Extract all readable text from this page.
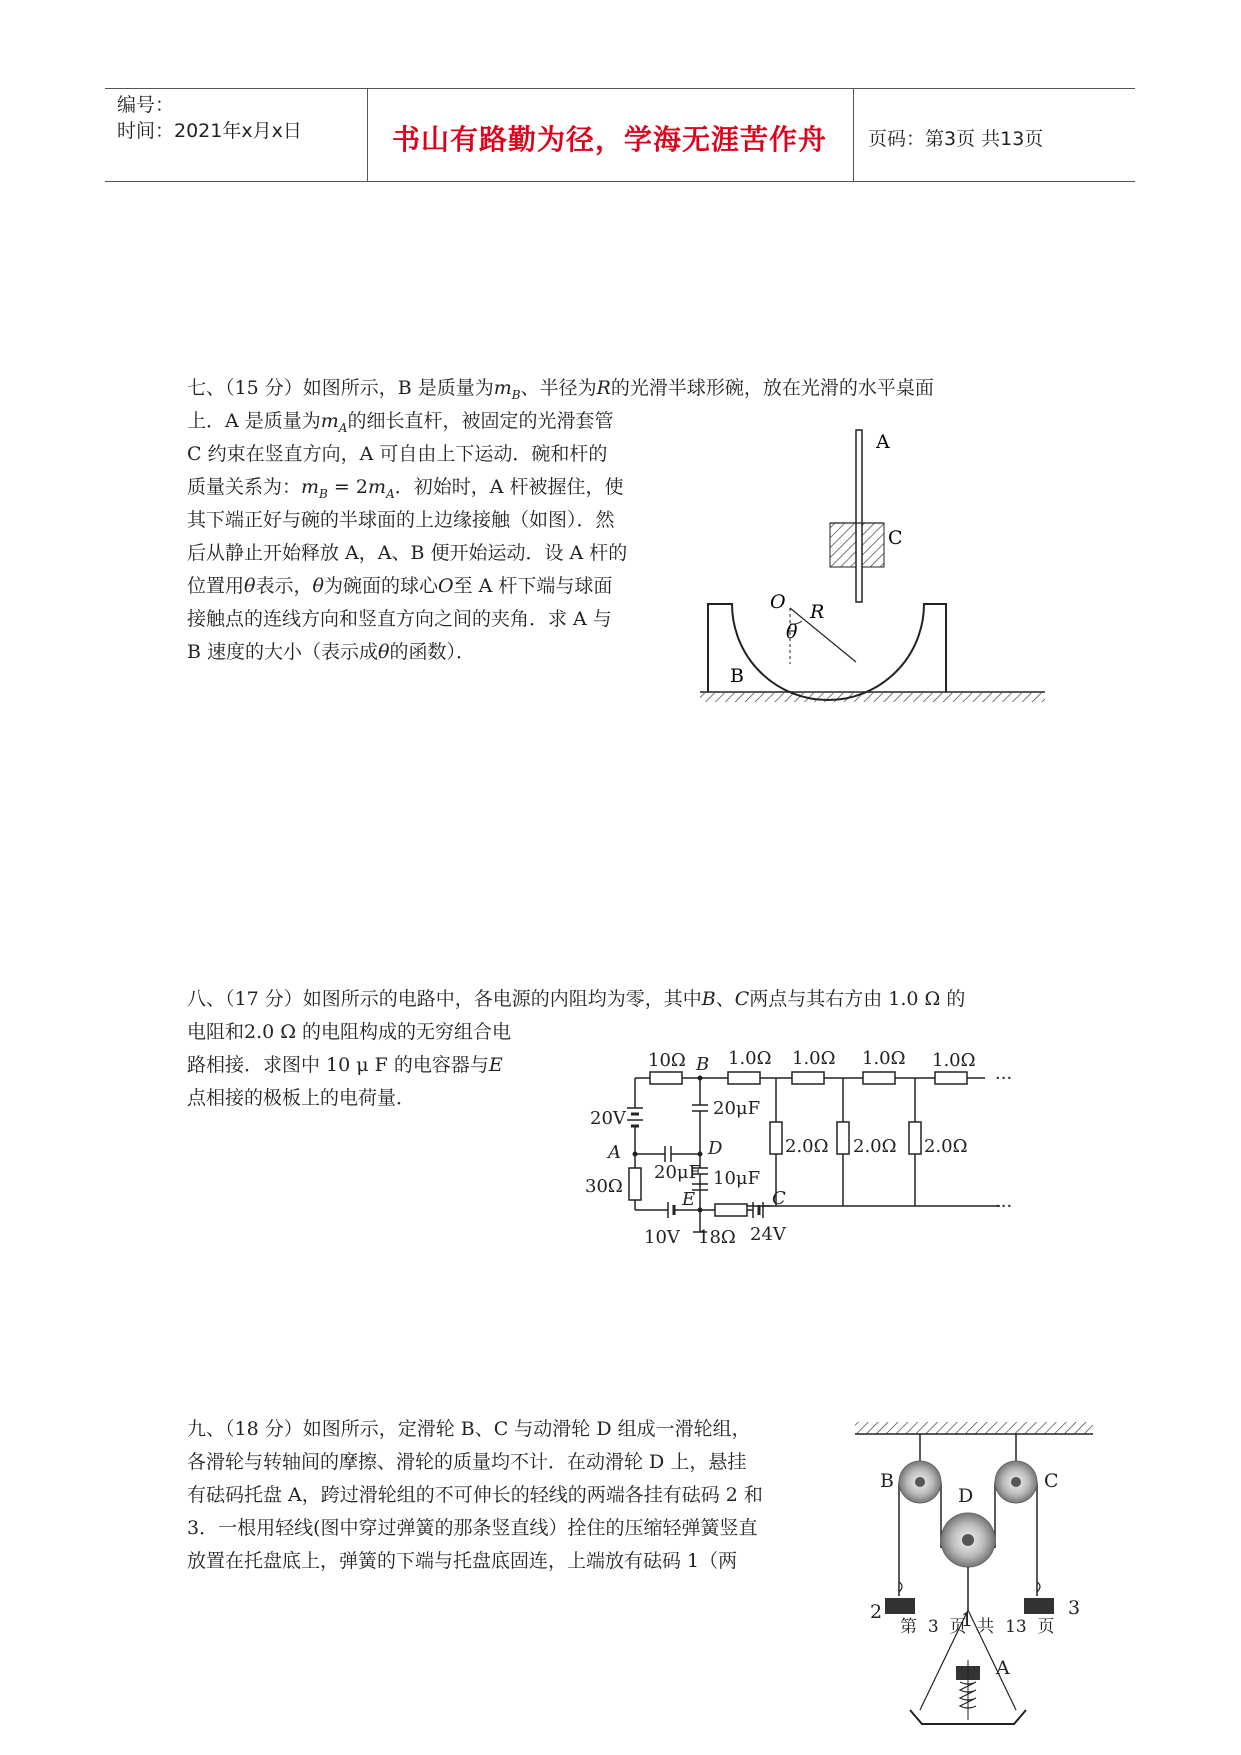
编号：
时间：2021年x月x日	书山有路勤为径，学海无涯苦作舟 页码：第3页 共13页
七、（15 分）如图所示，B 是质量为$m_B$、半径为R的光滑半球形碗，放在光滑的水平桌面
上．A 是质量为$m_A$的细长直杆，被固定的光滑套管
C 约束在竖直方向，A 可自由上下运动．碗和杆的
质量关系为：$m_B = 2m_A$．初始时，A 杆被握住，使
其下端正好与碗的半球面的上边缘接触（如图）．然
后从静止开始释放 A，A、B 便开始运动．设 A 杆的
位置用θ表示，θ为碗面的球心O至 A 杆下端与球面
接触点的连线方向和竖直方向之间的夹角．求 A 与
B 速度的大小（表示成θ的函数）．
A
C
O R
θ
B
八、（17 分）如图所示的电路中，各电源的内阻均为零，其中B、C两点与其右方由 1.0 Ω 的
电阻和2.0 Ω 的电阻构成的无穷组合电
路相接．求图中 10 μ F 的电容器与E
点相接的极板上的电荷量．
10Ω B 1.0Ω 1.0Ω 1.0Ω 1.0Ω
···
20V	20μF
A	D
20μF 10μF
30Ω
2.0Ω 2.0Ω 2.0Ω
E	C	···
10V 18Ω 24V
九、（18 分）如图所示，定滑轮 B、C 与动滑轮 D 组成一滑轮组，
各滑轮与转轴间的摩擦、滑轮的质量均不计．在动滑轮 D 上，悬挂
有砝码托盘 A，跨过滑轮组的不可伸长的轻线的两端各挂有砝码 2 和
3．一根用轻线(图中穿过弹簧的那条竖直线）拴住的压缩轻弹簧竖直
放置在托盘底上，弹簧的下端与托盘底固连，上端放有砝码 1（两
B
D
C
2	1
3
A
第 3 页 共 13 页
